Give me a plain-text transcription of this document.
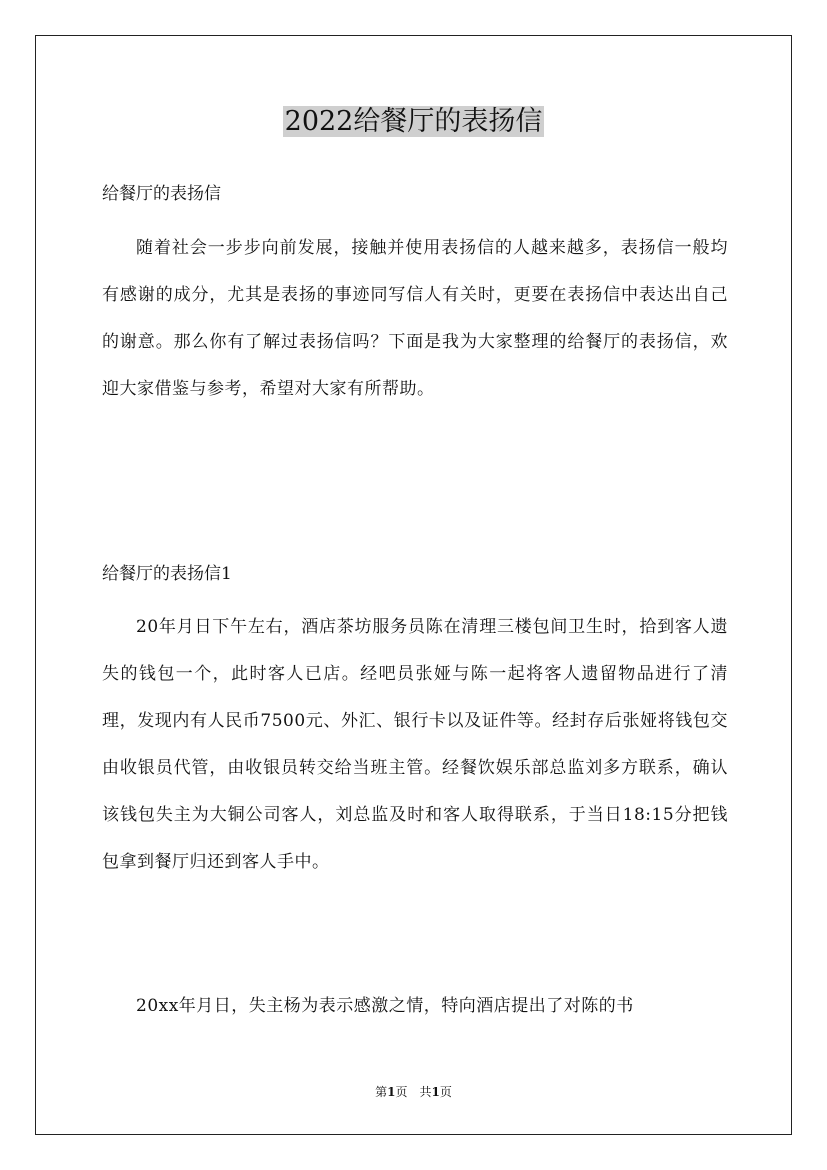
2022给餐厅的表扬信
给餐厅的表扬信
随着社会一步步向前发展，接触并使用表扬信的人越来越多，表扬信一般均有感谢的成分，尤其是表扬的事迹同写信人有关时，更要在表扬信中表达出自己的谢意。那么你有了解过表扬信吗？下面是我为大家整理的给餐厅的表扬信，欢迎大家借鉴与参考，希望对大家有所帮助。
给餐厅的表扬信1
20年月日下午左右，酒店茶坊服务员陈在清理三楼包间卫生时，拾到客人遗失的钱包一个，此时客人已店。经吧员张娅与陈一起将客人遗留物品进行了清理，发现内有人民币7500元、外汇、银行卡以及证件等。经封存后张娅将钱包交由收银员代管，由收银员转交给当班主管。经餐饮娱乐部总监刘多方联系，确认该钱包失主为大铜公司客人，刘总监及时和客人取得联系，于当日18:15分把钱包拿到餐厅归还到客人手中。
20xx年月日，失主杨为表示感激之情，特向酒店提出了对陈的书
第1页 共1页
